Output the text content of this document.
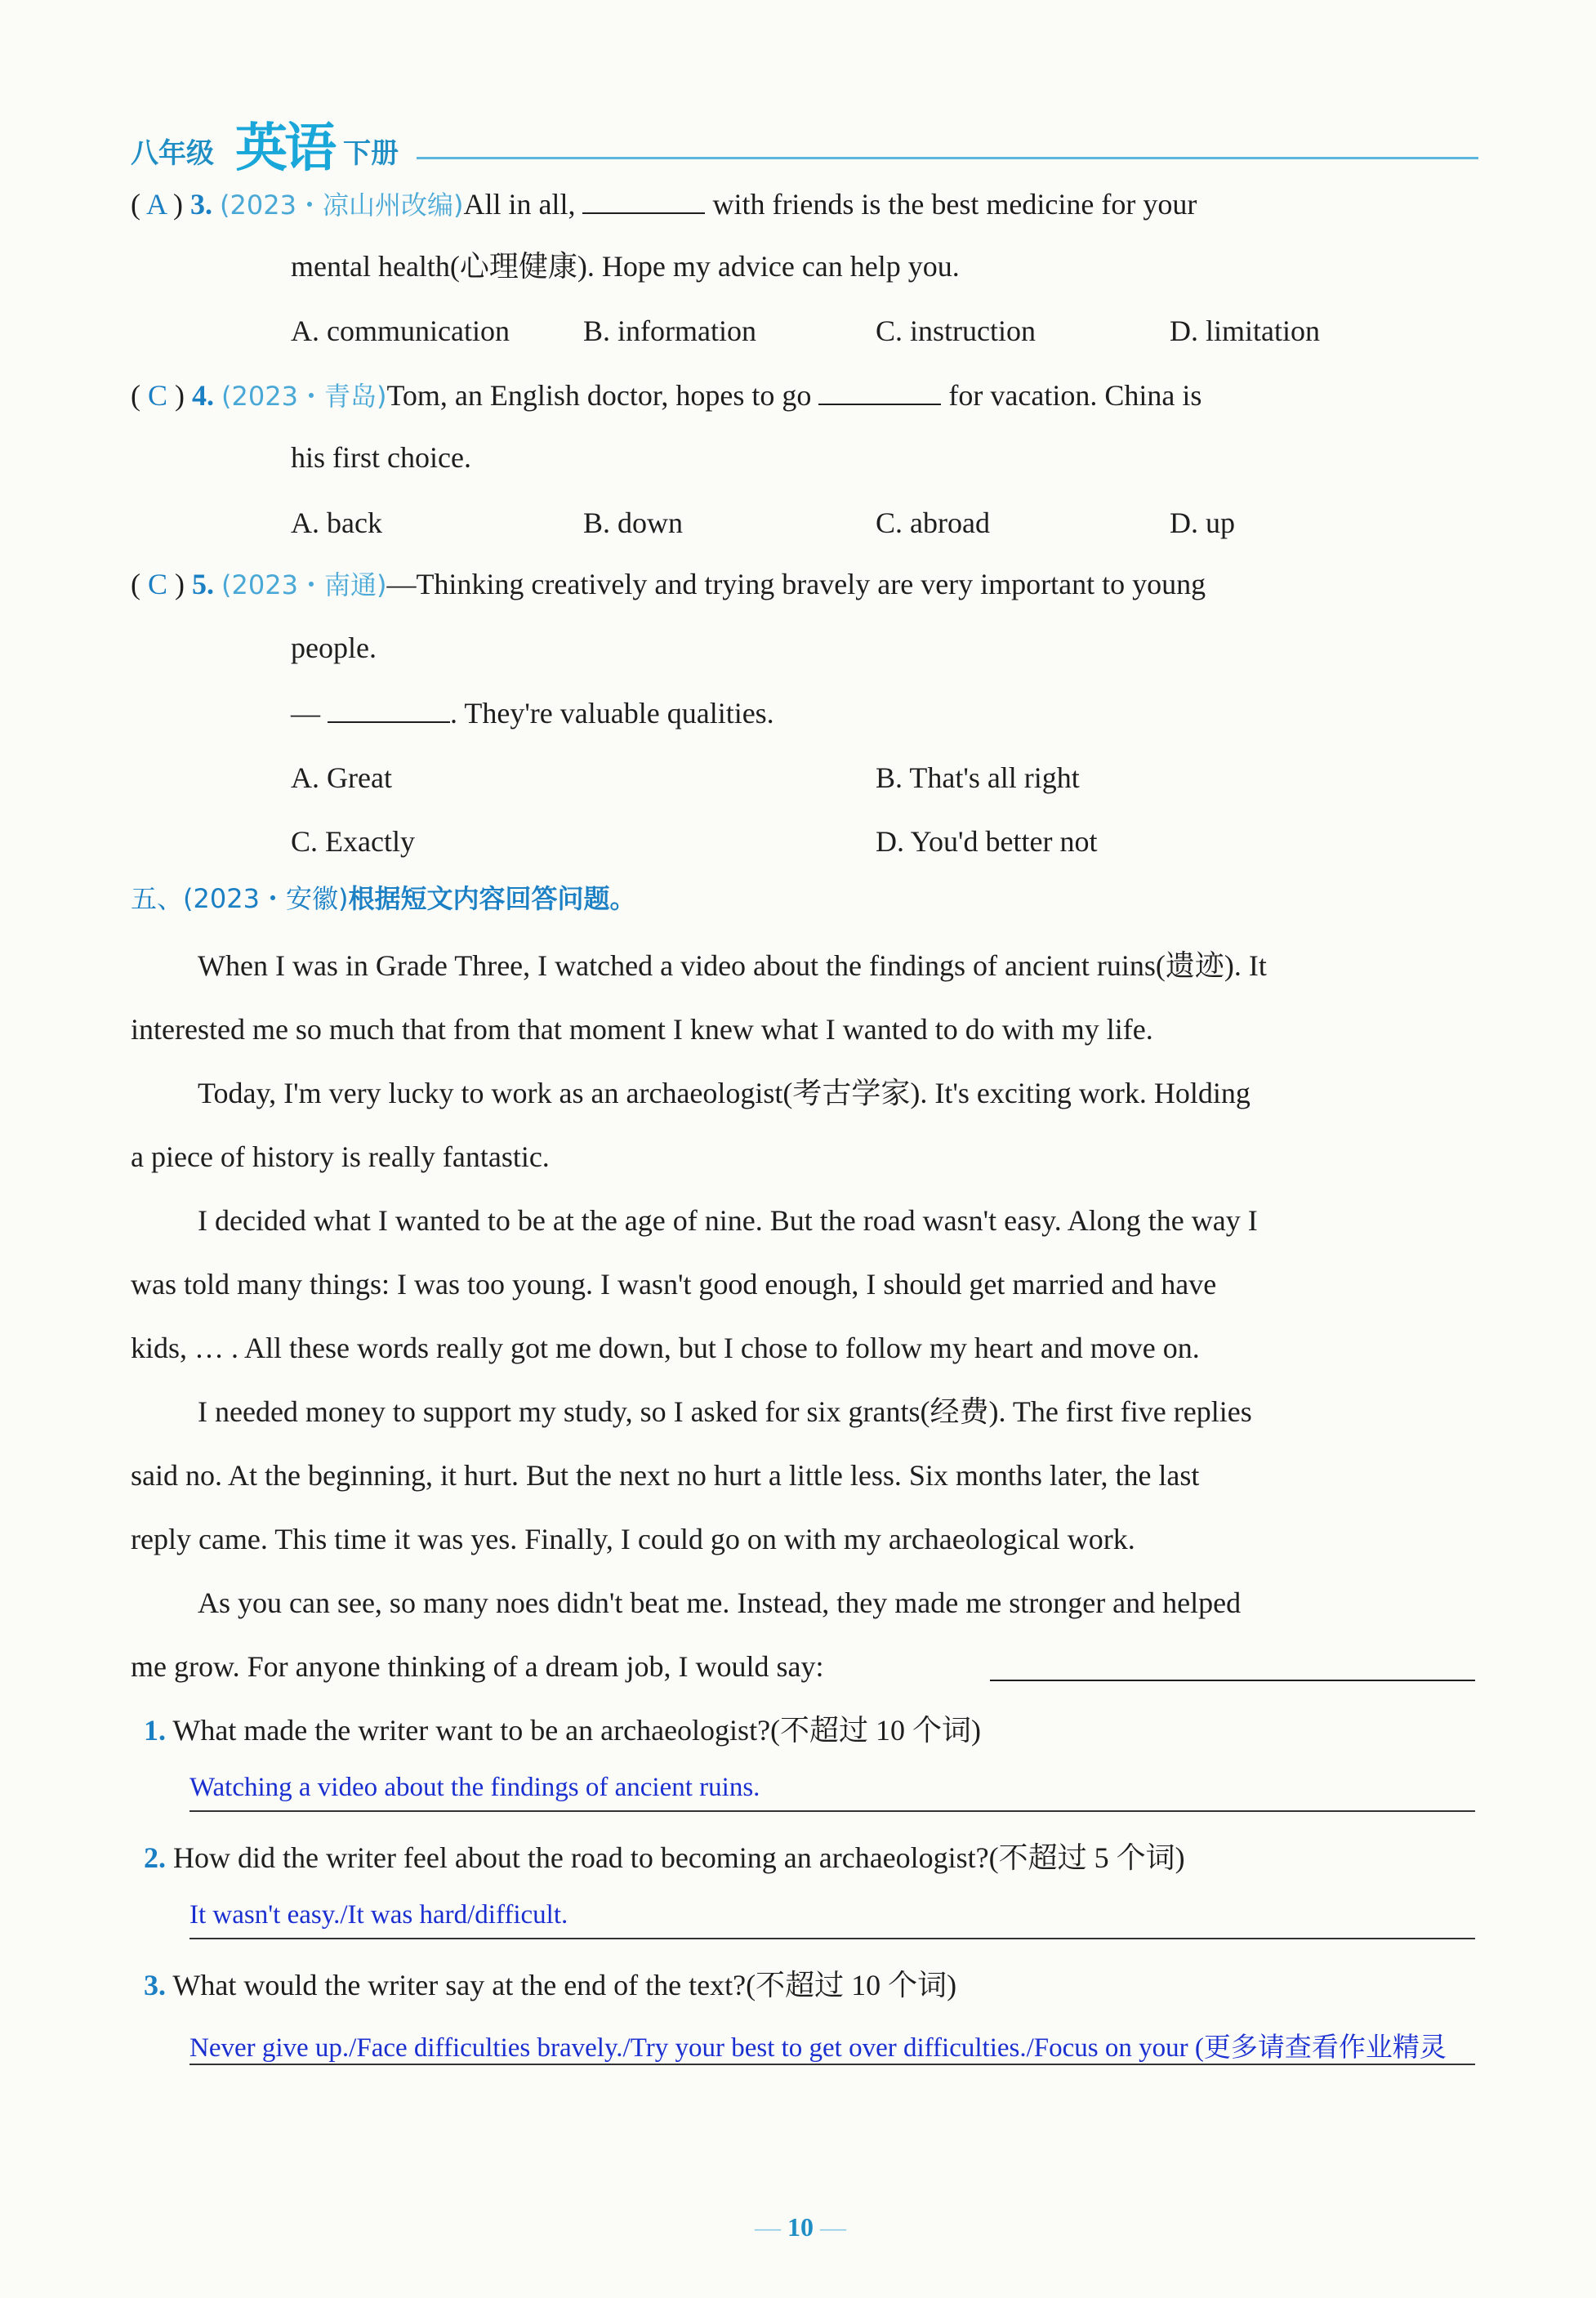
八年级 英语 下册
( A ) 3. (2023・凉山州改编)All in all,	with friends is the best medicine for your
mental health(心理健康). Hope my advice can help you.
A. communication	B. information	C. instruction	D. limitation
( C ) 4. (2023・青岛)Tom, an English doctor, hopes to go	for vacation. China is
his first choice.
A. back	B. down	C. abroad	D. up
( C ) 5. (2023・南通)—Thinking creatively and trying bravely are very important to young
people.
—	. They're valuable qualities.
A. Great	B. That's all right
C. Exactly	D. You'd better not
五、(2023・安徽)根据短文内容回答问题。
When I was in Grade Three, I watched a video about the findings of ancient ruins(遗迹). It
interested me so much that from that moment I knew what I wanted to do with my life.
Today, I'm very lucky to work as an archaeologist(考古学家). It's exciting work. Holding
a piece of history is really fantastic.
I decided what I wanted to be at the age of nine. But the road wasn't easy. Along the way I
was told many things: I was too young. I wasn't good enough, I should get married and have
kids, … . All these words really got me down, but I chose to follow my heart and move on.
I needed money to support my study, so I asked for six grants(经费). The first five replies
said no. At the beginning, it hurt. But the next no hurt a little less. Six months later, the last
reply came. This time it was yes. Finally, I could go on with my archaeological work.
As you can see, so many noes didn't beat me. Instead, they made me stronger and helped
me grow. For anyone thinking of a dream job, I would say:
1. What made the writer want to be an archaeologist?(不超过 10 个词)
Watching a video about the findings of ancient ruins.
2. How did the writer feel about the road to becoming an archaeologist?(不超过 5 个词)
It wasn't easy./It was hard/difficult.
3. What would the writer say at the end of the text?(不超过 10 个词)
Never give up./Face difficulties bravely./Try your best to get over difficulties./Focus on your (更多请查看作业精灵
— 10 —
